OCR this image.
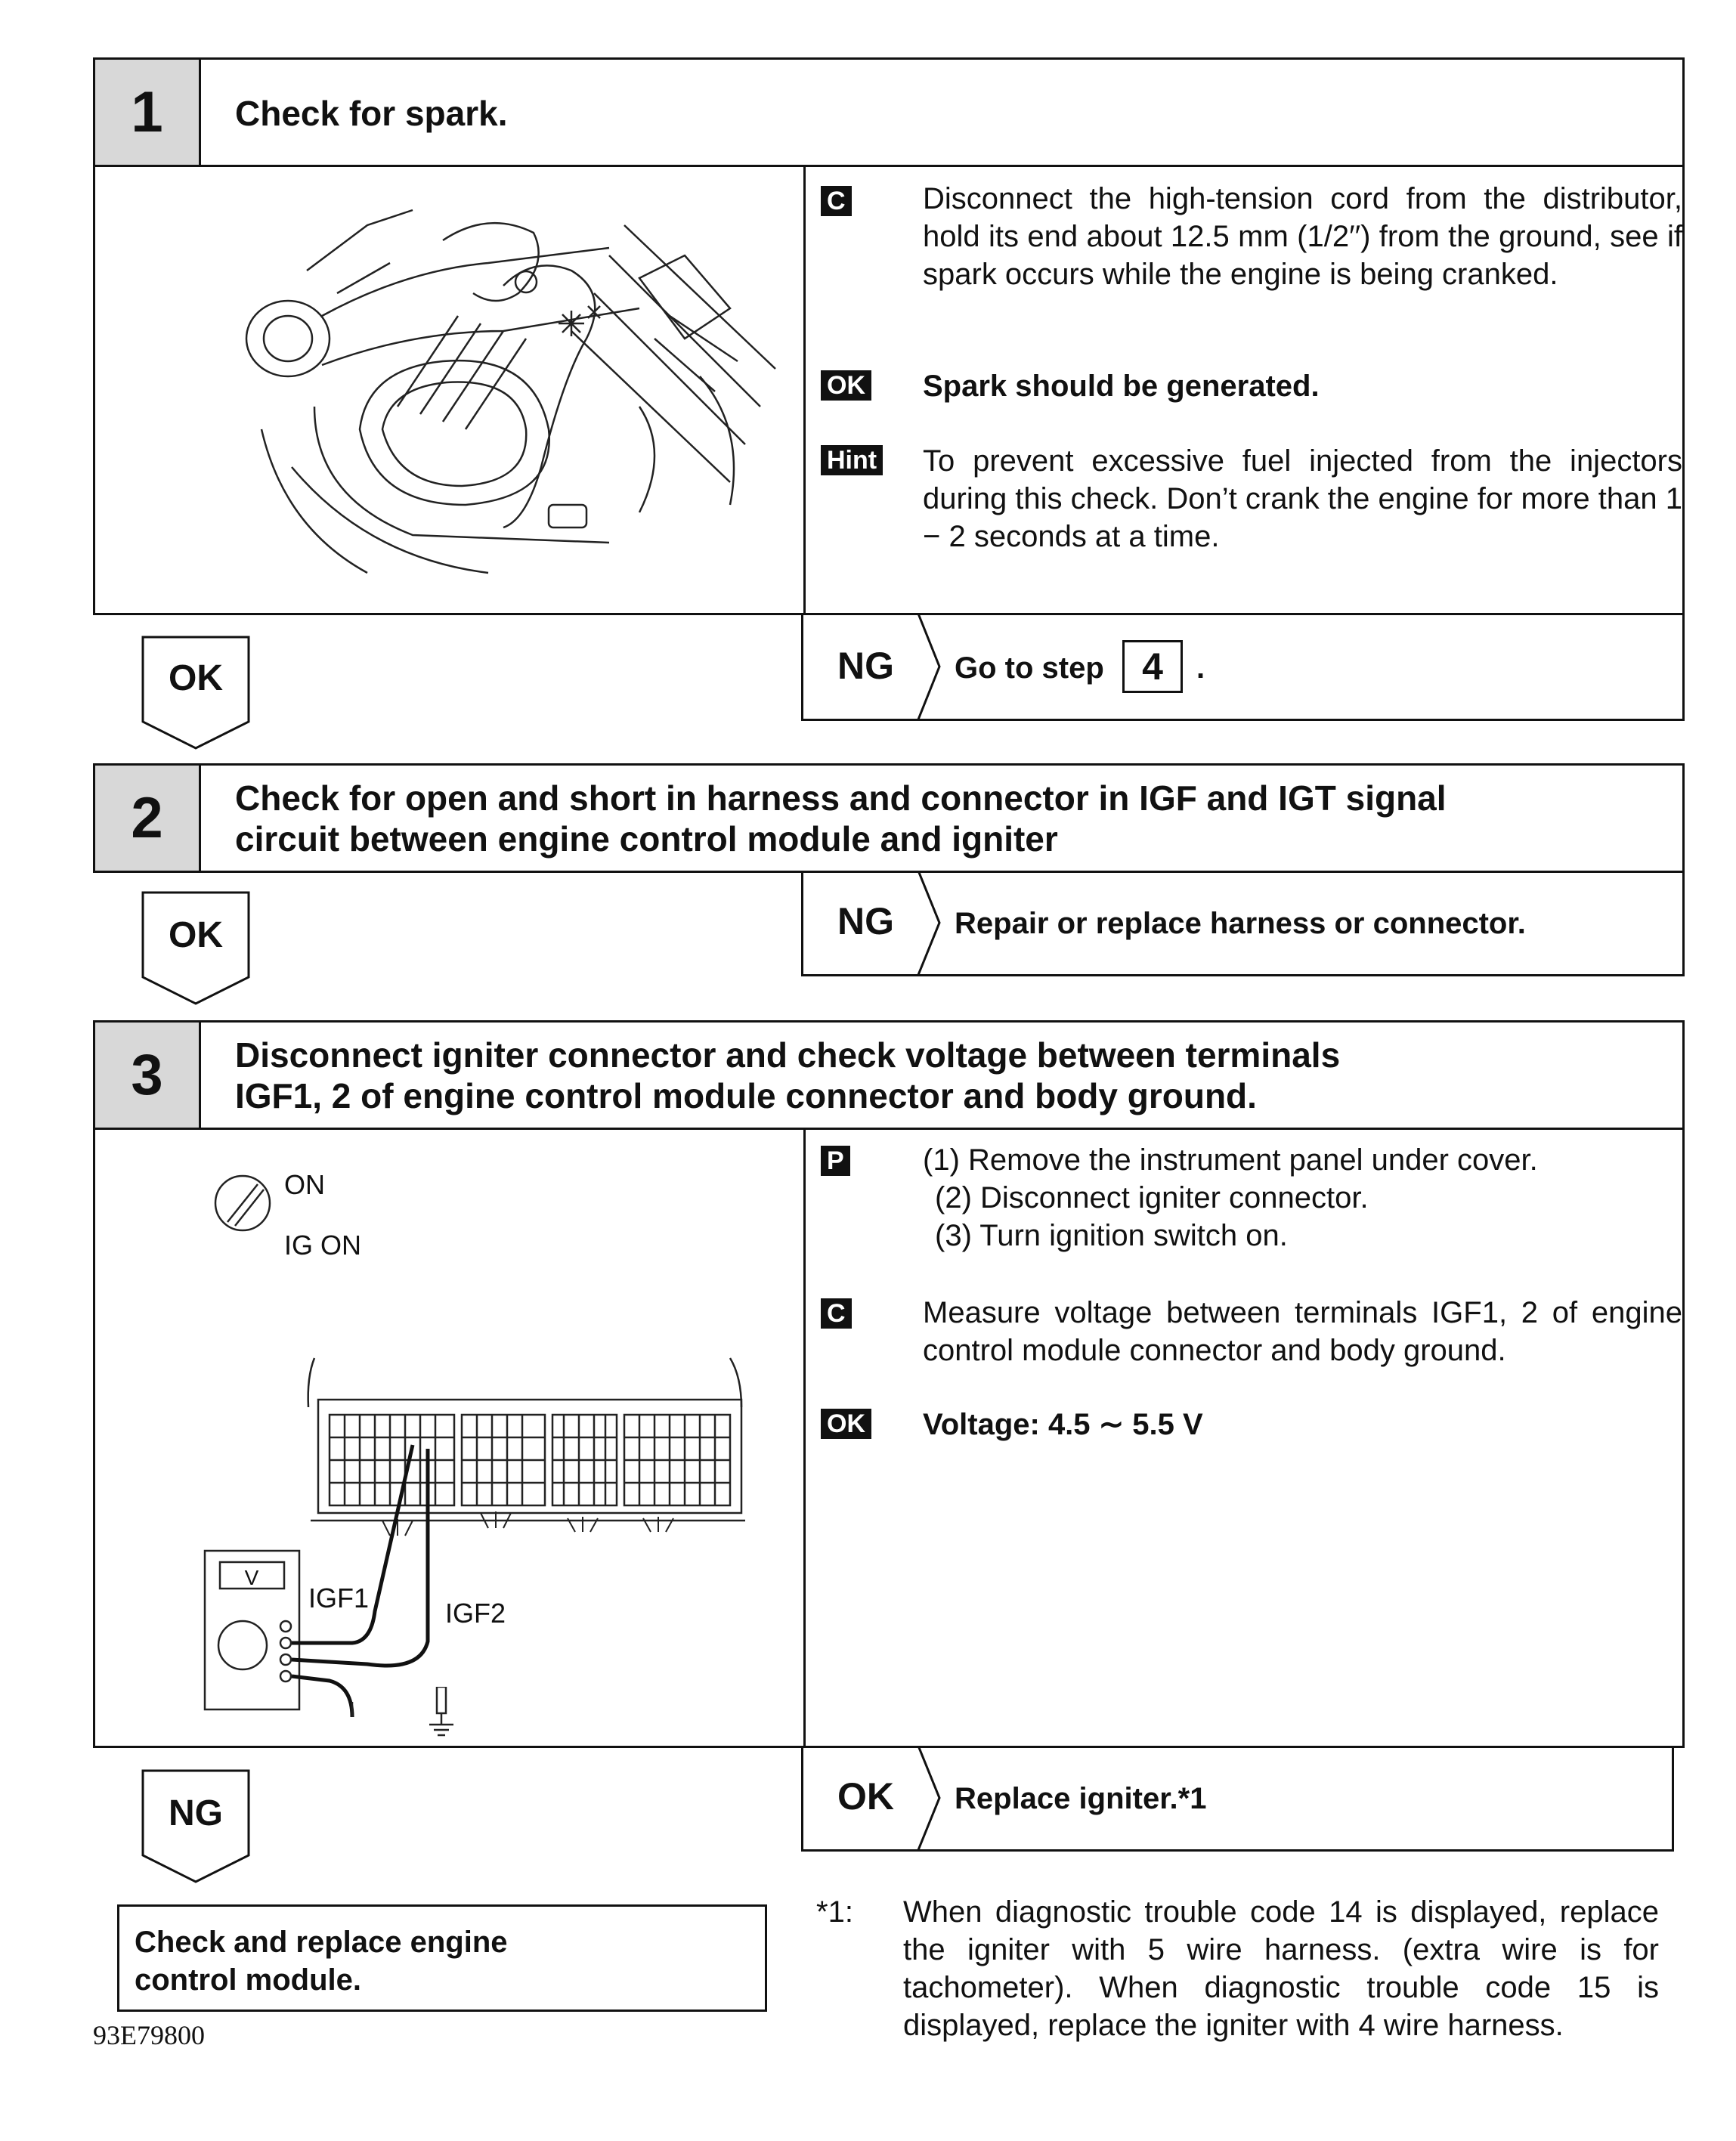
1	Check for spark.
C	Disconnect the high-tension cord from the distributor, hold its end about 12.5 mm (1/2′′) from the ground, see if spark occurs while the engine is being cranked.
OK Spark should be generated.
Hint To prevent excessive fuel injected from the injectors during this check. Don’t crank the engine for more than 1 − 2 seconds at a time.
OK	NG Go to step 4 .
2	Check for open and short in harness and connector in IGF and IGT signal
circuit between engine control module and igniter
OK	NG Repair or replace harness or connector.
3	Disconnect igniter connector and check voltage between terminals
IGF1, 2 of engine control module connector and body ground.
ON
IG ON
V
IGF1	IGF2
P	(1) Remove the instrument panel under cover.
(2) Disconnect igniter connector.
(3) Turn ignition switch on.
C	Measure voltage between terminals IGF1, 2 of engine control module connector and body ground.
OK Voltage: 4.5 ∼ 5.5 V
NG	OK Replace igniter.*1
Check and replace engine control module.
93E79800
*1: When diagnostic trouble code 14 is displayed, replace the igniter with 5 wire harness. (extra wire is for tachometer). When diagnostic trouble code 15 is displayed, replace the igniter with 4 wire harness.
